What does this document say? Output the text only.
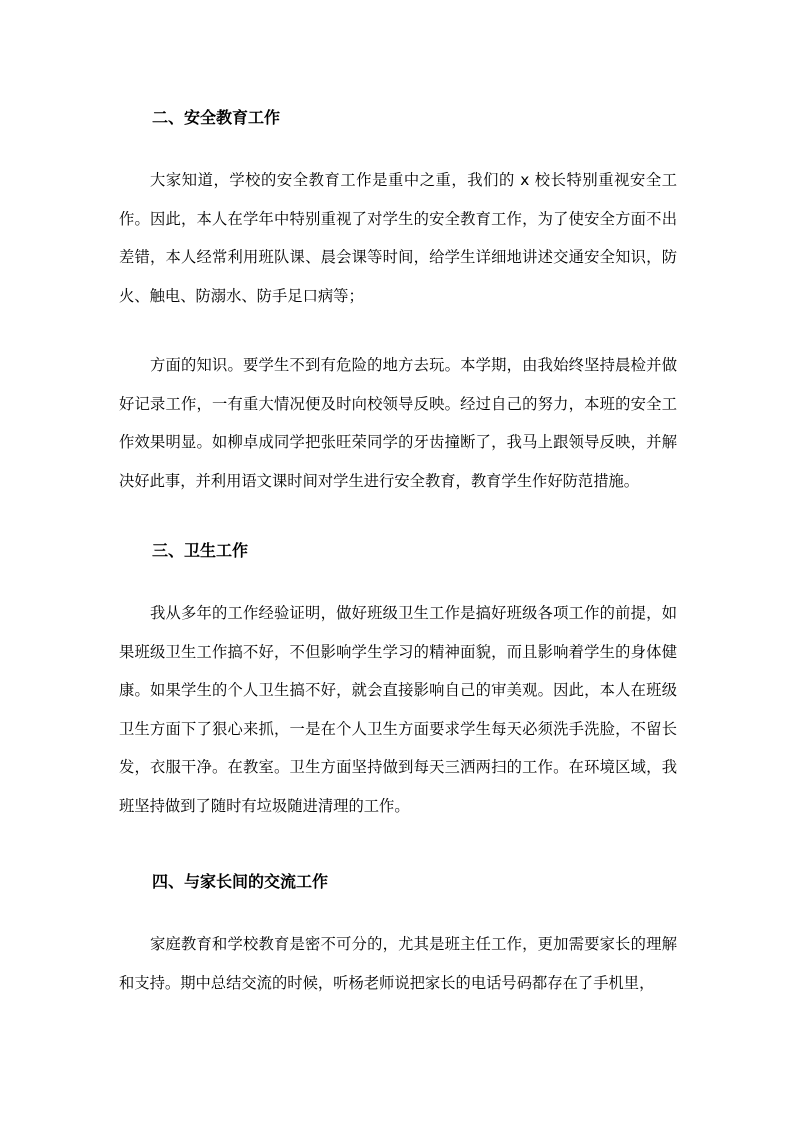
二、安全教育工作
大家知道，学校的安全教育工作是重中之重，我们的 x 校长特别重视安全工作。因此，本人在学年中特别重视了对学生的安全教育工作，为了使安全方面不出差错，本人经常利用班队课、晨会课等时间，给学生详细地讲述交通安全知识，防火、触电、防溺水、防手足口病等；
方面的知识。要学生不到有危险的地方去玩。本学期，由我始终坚持晨检并做好记录工作，一有重大情况便及时向校领导反映。经过自己的努力，本班的安全工作效果明显。如柳卓成同学把张旺荣同学的牙齿撞断了，我马上跟领导反映，并解决好此事，并利用语文课时间对学生进行安全教育，教育学生作好防范措施。
三、卫生工作
我从多年的工作经验证明，做好班级卫生工作是搞好班级各项工作的前提，如果班级卫生工作搞不好，不但影响学生学习的精神面貌，而且影响着学生的身体健康。如果学生的个人卫生搞不好，就会直接影响自己的审美观。因此，本人在班级卫生方面下了狠心来抓，一是在个人卫生方面要求学生每天必须洗手洗脸，不留长发，衣服干净。在教室。卫生方面坚持做到每天三洒两扫的工作。在环境区域，我班坚持做到了随时有垃圾随进清理的工作。
四、与家长间的交流工作
家庭教育和学校教育是密不可分的，尤其是班主任工作，更加需要家长的理解和支持。期中总结交流的时候，听杨老师说把家长的电话号码都存在了手机里，
